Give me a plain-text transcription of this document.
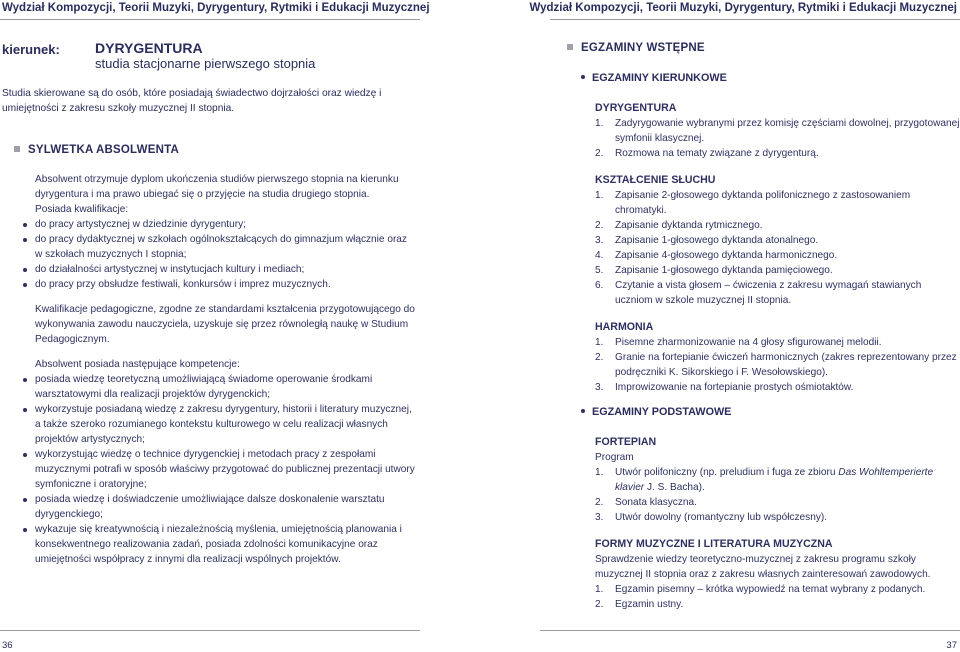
Wydział Kompozycji, Teorii Muzyki, Dyrygentury, Rytmiki i Edukacji Muzycznej
kierunek:	DYRYGENTURA
studia stacjonarne pierwszego stopnia
Studia skierowane są do osób, które posiadają świadectwo dojrzałości oraz wiedzę i umiejętności z zakresu szkoły muzycznej II stopnia.
SYLWETKA ABSOLWENTA

Absolwent otrzymuje dyplom ukończenia studiów pierwszego stopnia na kierunku dyrygentura i ma prawo ubiegać się o przyjęcie na studia drugiego stopnia.

Posiada kwalifikacje:

do pracy artystycznej w dziedzinie dyrygentury;
do pracy dydaktycznej w szkołach ogólnokształcących do gimnazjum włącznie oraz w szkołach muzycznych I stopnia;
do działalności artystycznej w instytucjach kultury i mediach;
do pracy przy obsłudze festiwali, konkursów i imprez muzycznych.

Kwalifikacje pedagogiczne, zgodne ze standardami kształcenia przygotowującego do wykonywania zawodu nauczyciela, uzyskuje się przez równoległą naukę w Studium Pedagogicznym.

Absolwent posiada następujące kompetencje:

posiada wiedzę teoretyczną umożliwiającą świadome operowanie środkami warsztatowymi dla realizacji projektów dyrygenckich;
wykorzystuje posiadaną wiedzę z zakresu dyrygentury, historii i literatury muzycznej, a także szeroko rozumianego kontekstu kulturowego w celu realizacji własnych projektów artystycznych;
wykorzystując wiedzę o technice dyrygenckiej i metodach pracy z zespołami muzycznymi potrafi w sposób właściwy przygotować do publicznej prezentacji utwory symfoniczne i oratoryjne;
posiada wiedzę i doświadczenie umożliwiające dalsze doskonalenie warsztatu dyrygenckiego;
wykazuje się kreatywnością i niezależnością myślenia, umiejętnością planowania i konsekwentnego realizowania zadań, posiada zdolności komunikacyjne oraz umiejętności współpracy z innymi dla realizacji wspólnych projektów.
36
Wydział Kompozycji, Teorii Muzyki, Dyrygentury, Rytmiki i Edukacji Muzycznej
EGZAMINY WSTĘPNE
EGZAMINY KIERUNKOWE

DYRYGENTURA

1. Zadyrygowanie wybranymi przez komisję częściami dowolnej, przygotowanej symfonii klasycznej.
2. Rozmowa na tematy związane z dyrygenturą.

KSZTAŁCENIE SŁUCHU

1. Zapisanie 2-głosowego dyktanda polifonicznego z zastosowaniem chromatyki.
2. Zapisanie dyktanda rytmicznego.
3. Zapisanie 1-głosowego dyktanda atonalnego.
4. Zapisanie 4-głosowego dyktanda harmonicznego.
5. Zapisanie 1-głosowego dyktanda pamięciowego.
6. Czytanie a vista głosem – ćwiczenia z zakresu wymagań stawianych uczniom w szkole muzycznej II stopnia.

HARMONIA

1. Pisemne zharmonizowanie na 4 głosy sfigurowanej melodii.
2. Granie na fortepianie ćwiczeń harmonicznych (zakres reprezentowany przez podręczniki K. Sikorskiego i F. Wesołowskiego).
3. Improwizowanie na fortepianie prostych ośmiotaktów.
EGZAMINY PODSTAWOWE

FORTEPIAN

Program

1. Utwór polifoniczny (np. preludium i fuga ze zbioru Das Wohltemperierte klavier J. S. Bacha).
2. Sonata klasyczna.
3. Utwór dowolny (romantyczny lub współczesny).

FORMY MUZYCZNE I LITERATURA MUZYCZNA

Sprawdzenie wiedzy teoretyczno-muzycznej z zakresu programu szkoły muzycznej II stopnia oraz z zakresu własnych zainteresowań zawodowych.

1. Egzamin pisemny – krótka wypowiedź na temat wybrany z podanych.
2. Egzamin ustny.
37
